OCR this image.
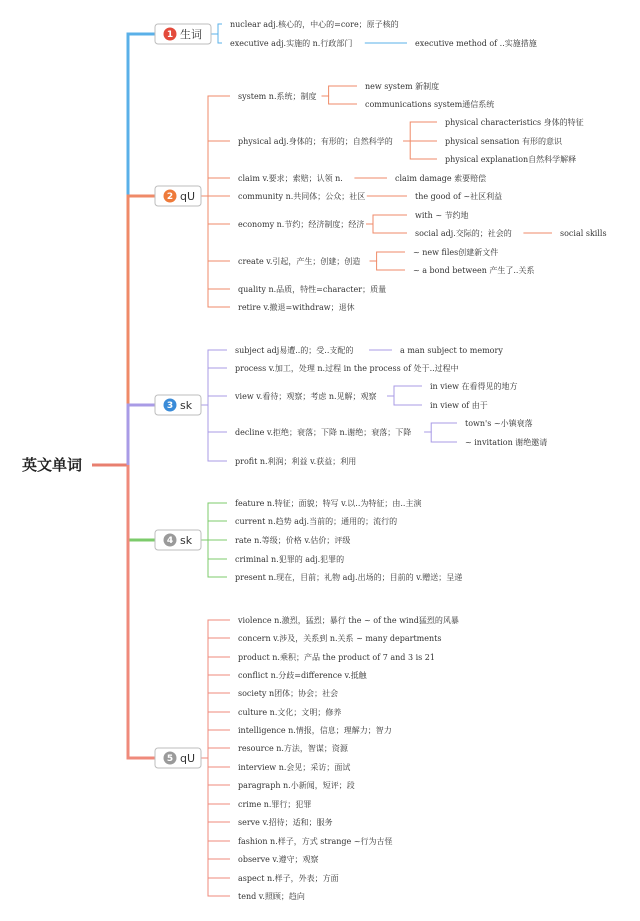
英文单词
1 生词
nuclear adj.核心的，中心的=core；原子核的
executive adj.实施的 n.行政部门	executive method of ..实施措施
2 qU
system n.系统；制度
new system 新制度
communications system通信系统
physical adj.身体的；有形的；自然科学的
physical characteristics 身体的特征
physical sensation 有形的意识
physical explanation自然科学解释
claim v.要求；索赔；认领 n.	claim damage 索要赔偿
community n.共同体；公众；社区	the good of ~社区利益
economy n.节约；经济制度；经济
with ~ 节约地
social adj.交际的；社会的	social skills
create v.引起，产生；创建；创造
~ new files创建新文件
~ a bond between 产生了..关系
quality n.品质，特性=character；质量
retire v.撤退=withdraw；退休
3 sk
subject adj易遭..的；受..支配的	a man subject to memory
process v.加工，处理 n.过程 in the process of 处于..过程中
view v.看待；观察；考虑 n.见解；观察
in view 在看得见的地方
in view of 由于
decline v.拒绝；衰落；下降 n.谢绝；衰落；下降
town's ~小镇衰落
~ invitation 谢绝邀请
profit n.利润；利益 v.获益；利用
4 sk
feature n.特征；面貌；特写 v.以..为特征；由..主演
current n.趋势 adj.当前的；通用的；流行的
rate n.等级；价格 v.估价；评级
criminal n.犯罪的 adj.犯罪的
present n.现在，目前；礼物 adj.出场的；目前的 v.赠送；呈递
5 qU
violence n.激烈，猛烈；暴行 the ~ of the wind猛烈的风暴
concern v.涉及，关系到 n.关系 ~ many departments
product n.乘积；产品 the product of 7 and 3 is 21
conflict n.分歧=difference v.抵触
society n团体；协会；社会
culture n.文化；文明；修养
intelligence n.情报，信息；理解力；智力
resource n.方法，智谋；资源
interview n.会见；采访；面试
paragraph n.小新闻，短评；段
crime n.罪行；犯罪
serve v.招待；适和；服务
fashion n.样子，方式 strange ~行为古怪
observe v.遵守；观察
aspect n.样子，外表；方面
tend v.照顾；趋向
